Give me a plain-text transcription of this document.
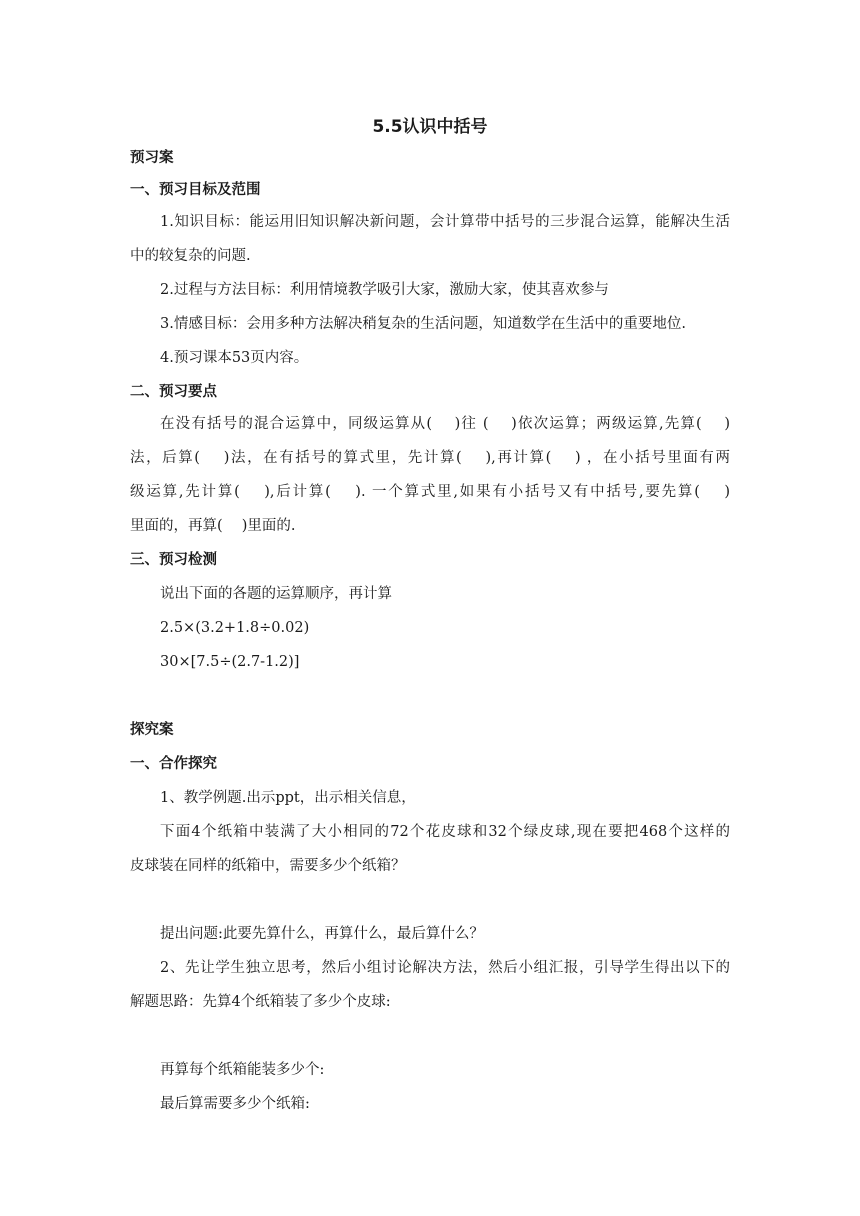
5.5认识中括号
预习案
一、预习目标及范围
1.知识目标：能运用旧知识解决新问题，会计算带中括号的三步混合运算，能解决生活
中的较复杂的问题.
2.过程与方法目标：利用情境教学吸引大家，激励大家，使其喜欢参与
3.情感目标：会用多种方法解决稍复杂的生活问题，知道数学在生活中的重要地位.
4.预习课本53页内容。
二、预习要点
在没有括号的混合运算中，同级运算从(　 )往 (　 )依次运算；两级运算,先算(　 )
法，后算(　 )法，在有括号的算式里，先计算(　 ),再计算(　 ) ，在小括号里面有两
级运算,先计算(　 ),后计算(　 ). 一个算式里,如果有小括号又有中括号,要先算(　 )
里面的，再算(　 )里面的.
三、预习检测
说出下面的各题的运算顺序，再计算
2.5×(3.2+1.8÷0.02)
30×[7.5÷(2.7-1.2)]
探究案
一、合作探究
1、教学例题.出示ppt，出示相关信息，
下面4个纸箱中装满了大小相同的72个花皮球和32个绿皮球,现在要把468个这样的
皮球装在同样的纸箱中，需要多少个纸箱？
提出问题:此要先算什么，再算什么，最后算什么？
2、先让学生独立思考，然后小组讨论解决方法，然后小组汇报，引导学生得出以下的
解题思路：先算4个纸箱装了多少个皮球:
再算每个纸箱能装多少个:
最后算需要多少个纸箱:
